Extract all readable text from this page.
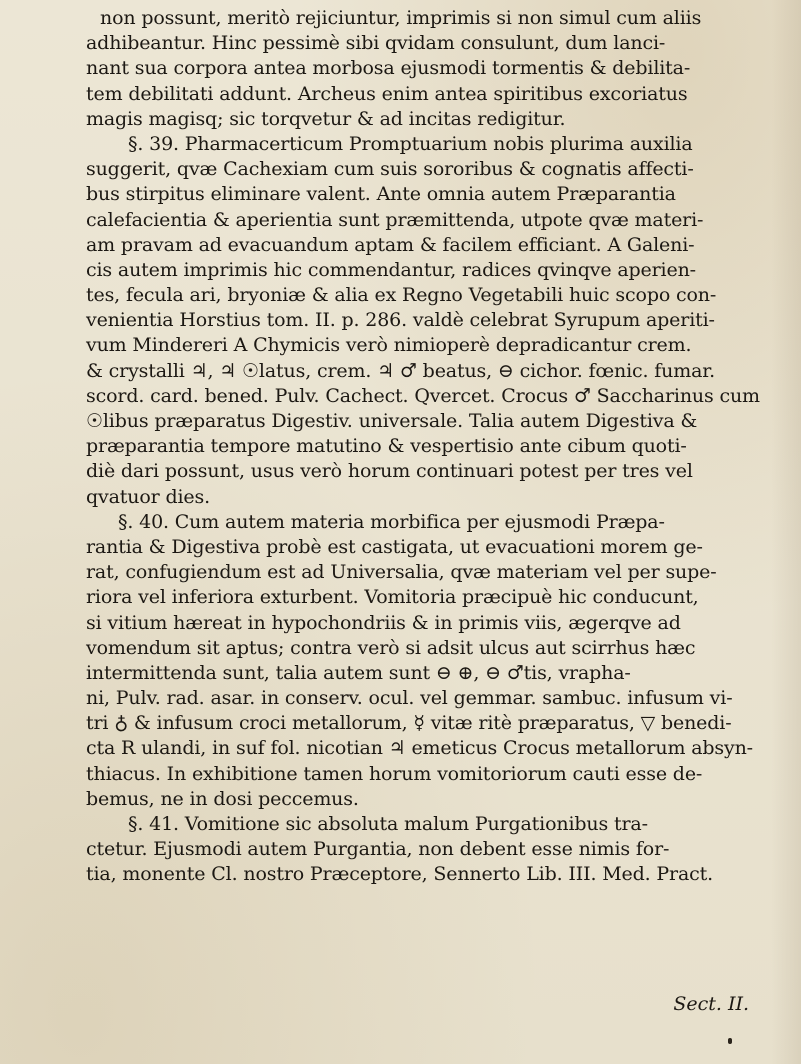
non possunt, meritò rejiciuntur, imprimis si non simul cum aliis
adhibeantur. Hinc pessimè sibi qvidam consulunt, dum lanci-
nant sua corpora antea morbosa ejusmodi tormentis & debilita-
tem debilitati addunt. Archeus enim antea spiritibus excoriatus
magis magisq; sic torqvetur & ad incitas redigitur.
§. 39. Pharmacerticum Promptuarium nobis plurima auxilia
suggerit, qvæ Cachexiam cum suis sororibus & cognatis affecti-
bus stirpitus eliminare valent. Ante omnia autem Præparantia
calefacientia & aperientia sunt præmittenda, utpote qvæ materi-
am pravam ad evacuandum aptam & facilem efficiant. A Galeni-
cis autem imprimis hic commendantur, radices qvinqve aperien-
tes, fecula ari, bryoniæ & alia ex Regno Vegetabili huic scopo con-
venientia Horstius tom. II. p. 286. valdè celebrat Syrupum aperiti-
vum Mindereri A Chymicis verò nimioperè depradicantur crem.
& crystalli ♃, ♃ ☉latus, crem. ♃ ♂ beatus, ⊖ cichor. fœnic. fumar.
scord. card. bened. Pulv. Cachect. Qvercet. Crocus ♂ Saccharinus cum
☉libus præparatus Digestiv. universale. Talia autem Digestiva &
præparantia tempore matutino & vespertisio ante cibum quoti-
diè dari possunt, usus verò horum continuari potest per tres vel
qvatuor dies.
§. 40. Cum autem materia morbifica per ejusmodi Præpa-
rantia & Digestiva probè est castigata, ut evacuationi morem ge-
rat, confugiendum est ad Universalia, qvæ materiam vel per supe-
riora vel inferiora exturbent. Vomitoria præcipuè hic conducunt,
si vitium hæreat in hypochondriis & in primis viis, ægerqve ad
vomendum sit aptus; contra verò si adsit ulcus aut scirrhus hæc
intermittenda sunt, talia autem sunt ⊖ ⊕, ⊖ ♂tis, vrapha-
ni, Pulv. rad. asar. in conserv. ocul. vel gemmar. sambuc. infusum vi-
tri ♁ & infusum croci metallorum, ☿ vitæ ritè præparatus, ▽ benedi-
cta R ulandi, in suf fol. nicotian ♃ emeticus Crocus metallorum absyn-
thiacus. In exhibitione tamen horum vomitoriorum cauti esse de-
bemus, ne in dosi peccemus.
§. 41. Vomitione sic absoluta malum Purgationibus tra-
ctetur. Ejusmodi autem Purgantia, non debent esse nimis for-
tia, monente Cl. nostro Præceptore, Sennerto Lib. III. Med. Pract.
Sect. II.
